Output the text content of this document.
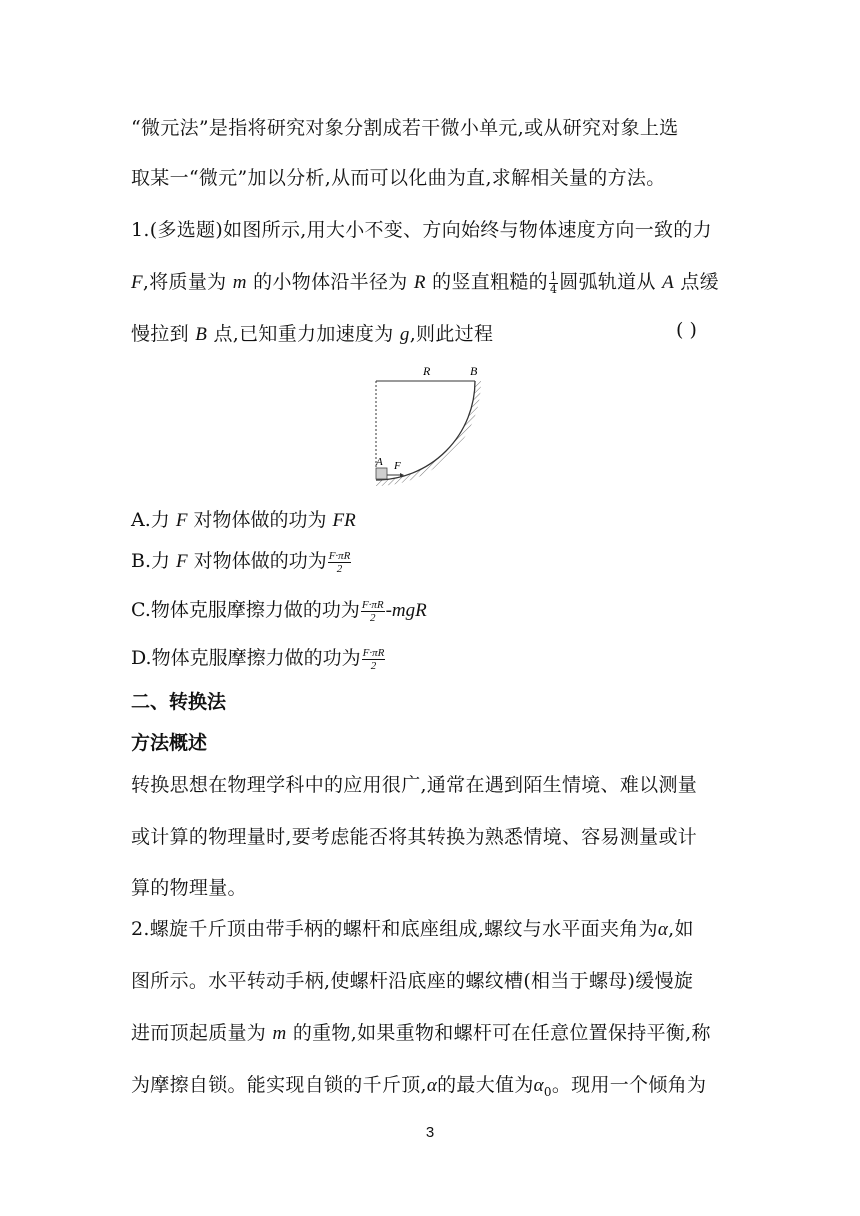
“微元法”是指将研究对象分割成若干微小单元,或从研究对象上选
取某一“微元”加以分析,从而可以化曲为直,求解相关量的方法。
1.(多选题)如图所示,用大小不变、方向始终与物体速度方向一致的力
F,将质量为 m 的小物体沿半径为 R 的竖直粗糙的 $\frac{1}{4}$ 圆弧轨道从 A 点缓
慢拉到 B 点,已知重力加速度为 g,则此过程	( )
R	B
A F
A.力 F 对物体做的功为 FR
B.力 F 对物体做的功为 $\frac{F\cdot\pi R}{2}$
C.物体克服摩擦力做的功为 $\frac{F\cdot\pi R}{2} -mgR$
D.物体克服摩擦力做的功为 $\frac{F\cdot\pi R}{2}$
二、转换法
方法概述
转换思想在物理学科中的应用很广,通常在遇到陌生情境、难以测量
或计算的物理量时,要考虑能否将其转换为熟悉情境、容易测量或计
算的物理量。
2.螺旋千斤顶由带手柄的螺杆和底座组成,螺纹与水平面夹角为α,如
图所示。水平转动手柄,使螺杆沿底座的螺纹槽(相当于螺母)缓慢旋
进而顶起质量为 m 的重物,如果重物和螺杆可在任意位置保持平衡,称
为摩擦自锁。能实现自锁的千斤顶,α的最大值为$\alpha_0$。现用一个倾角为
3
